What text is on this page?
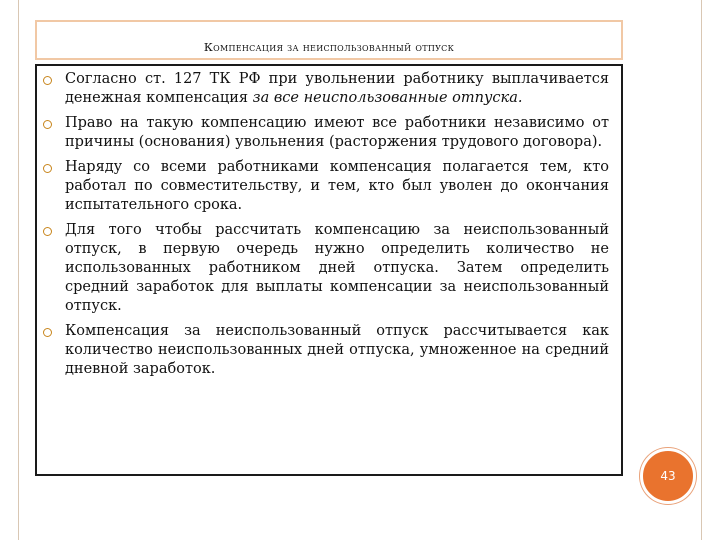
Компенсация за неиспользованный отпуск
Согласно ст. 127 ТК РФ при увольнении работнику выплачивается денежная компенсация за все неиспользованные отпуска.
Право на такую компенсацию имеют все работники независимо от причины (основания) увольнения (расторжения трудового договора).
Наряду со всеми работниками компенсация полагается тем, кто работал по совместительству, и тем, кто был уволен до окончания испытательного срока.
Для того чтобы рассчитать компенсацию за неиспользованный отпуск, в первую очередь нужно определить количество не использованных работником дней отпуска. Затем определить средний заработок для выплаты компенсации за неиспользованный отпуск.
Компенсация за неиспользованный отпуск рассчитывается как количество неиспользованных дней отпуска, умноженное на средний дневной заработок.
43
